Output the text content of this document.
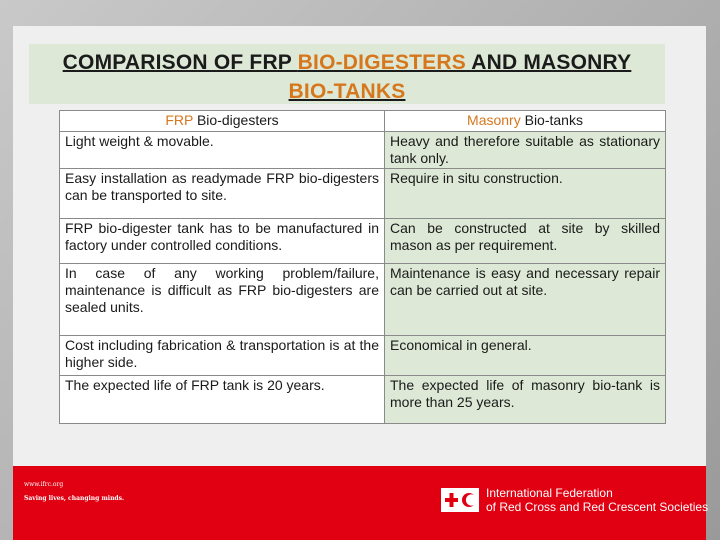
COMPARISON OF FRP BIO-DIGESTERS AND MASONRY
BIO-TANKS
FRP Bio-digesters	Masonry Bio-tanks
Light weight & movable.	Heavy and therefore suitable as stationary tank only.
Easy installation as readymade FRP bio-digesters can be transported to site.	Require in situ construction.
FRP bio-digester tank has to be manufactured in factory under controlled conditions.	Can be constructed at site by skilled mason as per requirement.
In case of any working problem/failure, maintenance is difficult as FRP bio-digesters are sealed units.	Maintenance is easy and necessary repair can be carried out at site.
Cost including fabrication & transportation is at the higher side.	Economical in general.
The expected life of FRP tank is 20 years.	The expected life of masonry bio-tank is more than 25 years.
www.ifrc.org
Saving lives, changing minds.	International Federation
of Red Cross and Red Crescent Societies
